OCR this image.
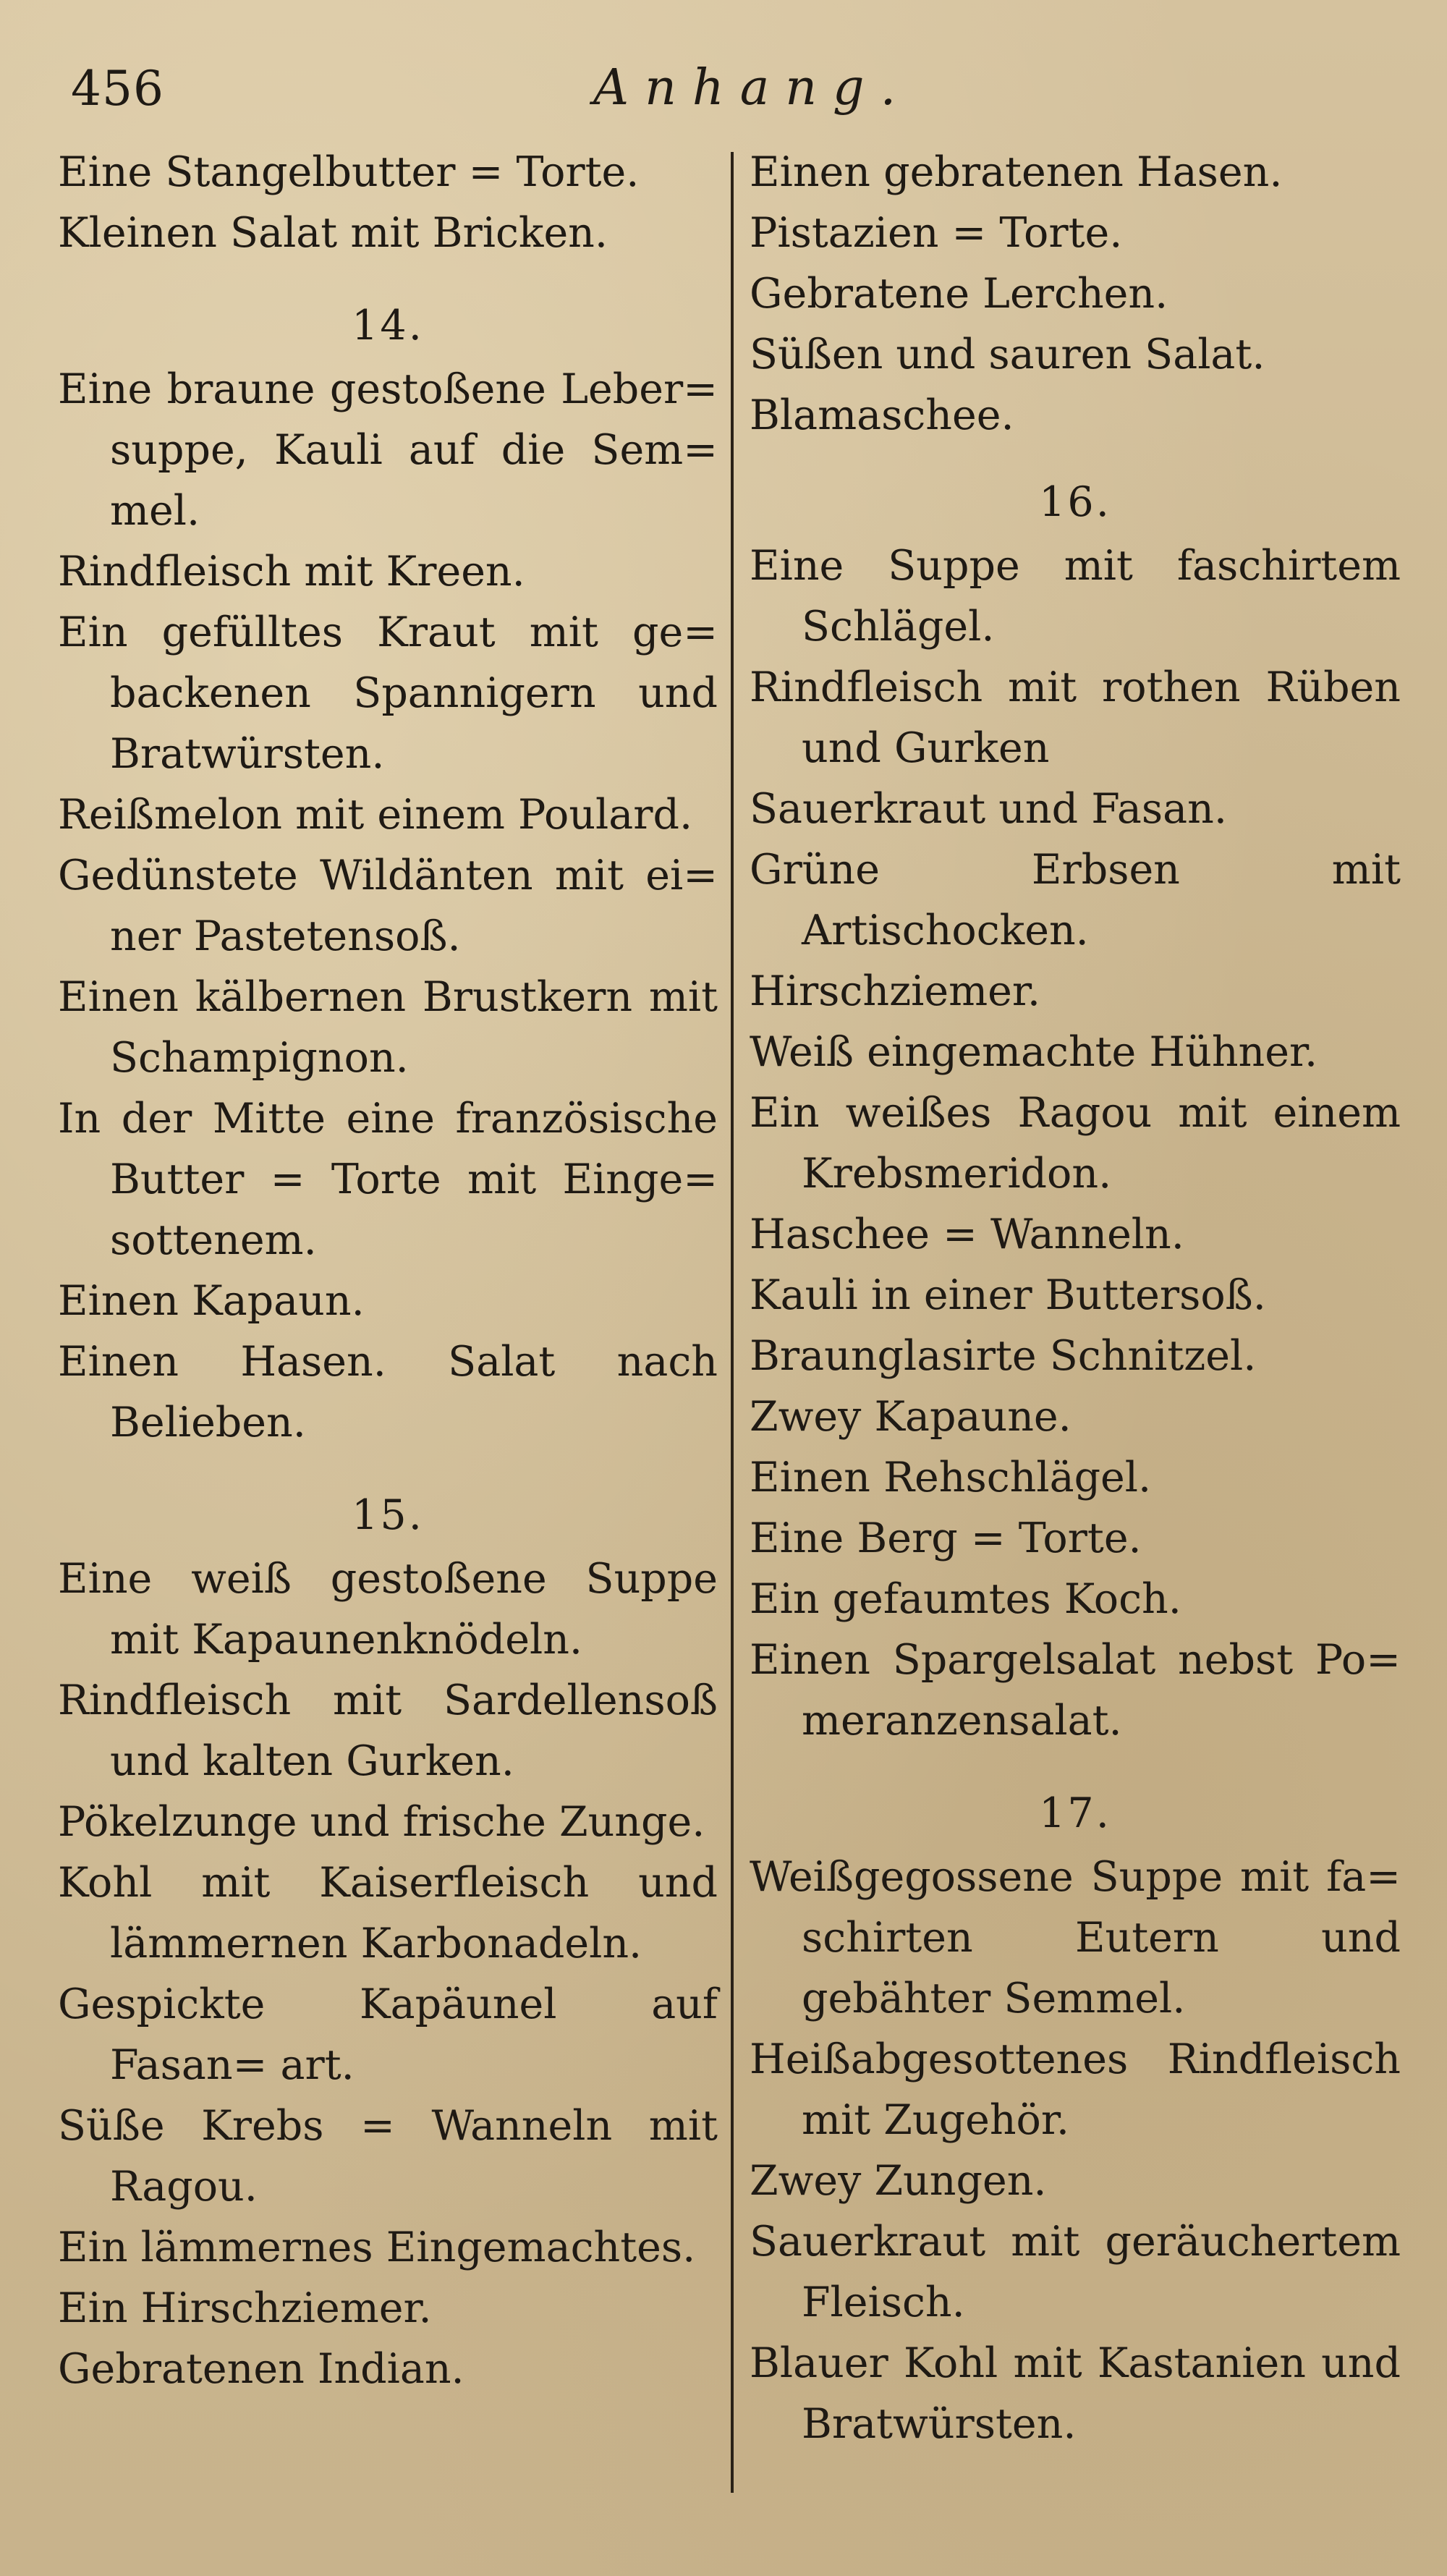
456	Anhang.

Eine Stangelbutter = Torte.

Kleinen Salat mit Bricken.

14.

Eine braune gestoßene Leber= suppe, Kauli auf die Sem= mel.

Rindfleisch mit Kreen.

Ein gefülltes Kraut mit ge= backenen Spannigern und Bratwürsten.

Reißmelon mit einem Poulard.

Gedünstete Wildänten mit ei= ner Pastetensoß.

Einen kälbernen Brustkern mit Schampignon.

In der Mitte eine französische Butter = Torte mit Einge= sottenem.

Einen Kapaun.

Einen Hasen. Salat nach Belieben.

15.

Eine weiß gestoßene Suppe mit Kapaunenknödeln.

Rindfleisch mit Sardellensoß und kalten Gurken.

Pökelzunge und frische Zunge.

Kohl mit Kaiserfleisch und lämmernen Karbonadeln.

Gespickte Kapäunel auf Fasan= art.

Süße Krebs = Wanneln mit Ragou.

Ein lämmernes Eingemachtes.

Ein Hirschziemer.

Gebratenen Indian.

Einen gebratenen Hasen.

Pistazien = Torte.

Gebratene Lerchen.

Süßen und sauren Salat.

Blamaschee.

16.

Eine Suppe mit faschirtem Schlägel.

Rindfleisch mit rothen Rüben und Gurken

Sauerkraut und Fasan.

Grüne Erbsen mit Artischocken.

Hirschziemer.

Weiß eingemachte Hühner.

Ein weißes Ragou mit einem Krebsmeridon.

Haschee = Wanneln.

Kauli in einer Buttersoß.

Braunglasirte Schnitzel.

Zwey Kapaune.

Einen Rehschlägel.

Eine Berg = Torte.

Ein gefaumtes Koch.

Einen Spargelsalat nebst Po= meranzensalat.

17.

Weißgegossene Suppe mit fa= schirten Eutern und gebähter Semmel.

Heißabgesottenes Rindfleisch mit Zugehör.

Zwey Zungen.

Sauerkraut mit geräuchertem Fleisch.

Blauer Kohl mit Kastanien und Bratwürsten.
